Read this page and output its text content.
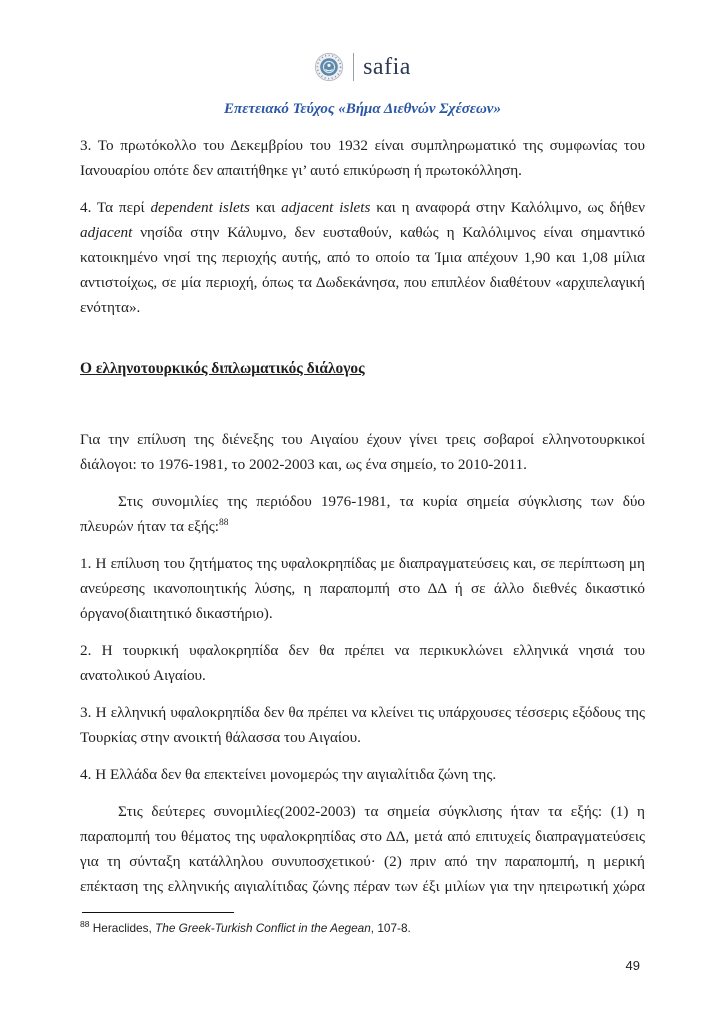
safia
Επετειακό Τεύχος «Βήμα Διεθνών Σχέσεων»

3. Το πρωτόκολλο του Δεκεμβρίου του 1932 είναι συμπληρωματικό της συμφωνίας του Ιανουαρίου οπότε δεν απαιτήθηκε γι’ αυτό επικύρωση ή πρωτοκόλληση.

4. Τα περί dependent islets και adjacent islets και η αναφορά στην Καλόλιμνο, ως δήθεν adjacent νησίδα στην Κάλυμνο, δεν ευσταθούν, καθώς η Καλόλιμνος είναι σημαντικό κατοικημένο νησί της περιοχής αυτής, από το οποίο τα Ίμια απέχουν 1,90 και 1,08 μίλια αντιστοίχως, σε μία περιοχή, όπως τα Δωδεκάνησα, που επιπλέον διαθέτουν «αρχιπελαγική ενότητα».

Ο ελληνοτουρκικός διπλωματικός διάλογος

Για την επίλυση της διένεξης του Αιγαίου έχουν γίνει τρεις σοβαροί ελληνοτουρκικοί διάλογοι: το 1976-1981, το 2002-2003 και, ως ένα σημείο, το 2010-2011.

Στις συνομιλίες της περιόδου 1976-1981, τα κυρία σημεία σύγκλισης των δύο πλευρών ήταν τα εξής:$^{88}$

1. Η επίλυση του ζητήματος της υφαλοκρηπίδας με διαπραγματεύσεις και, σε περίπτωση μη ανεύρεσης ικανοποιητικής λύσης, η παραπομπή στο ΔΔ ή σε άλλο διεθνές δικαστικό όργανο(διαιτητικό δικαστήριο).

2. Η τουρκική υφαλοκρηπίδα δεν θα πρέπει να περικυκλώνει ελληνικά νησιά του ανατολικού Αιγαίου.

3. Η ελληνική υφαλοκρηπίδα δεν θα πρέπει να κλείνει τις υπάρχουσες τέσσερις εξόδους της Τουρκίας στην ανοικτή θάλασσα του Αιγαίου.

4. Η Ελλάδα δεν θα επεκτείνει μονομερώς την αιγιαλίτιδα ζώνη της.

Στις δεύτερες συνομιλίες(2002-2003) τα σημεία σύγκλισης ήταν τα εξής: (1) η παραπομπή του θέματος της υφαλοκρηπίδας στο ΔΔ, μετά από επιτυχείς διαπραγματεύσεις για τη σύνταξη κατάλληλου συνυποσχετικού· (2) πριν από την παραπομπή, η μερική επέκταση της ελληνικής αιγιαλίτιδας ζώνης πέραν των έξι μιλίων για την ηπειρωτική χώρα

$^{88}$ Heraclides, The Greek-Turkish Conflict in the Aegean, 107-8.
49
